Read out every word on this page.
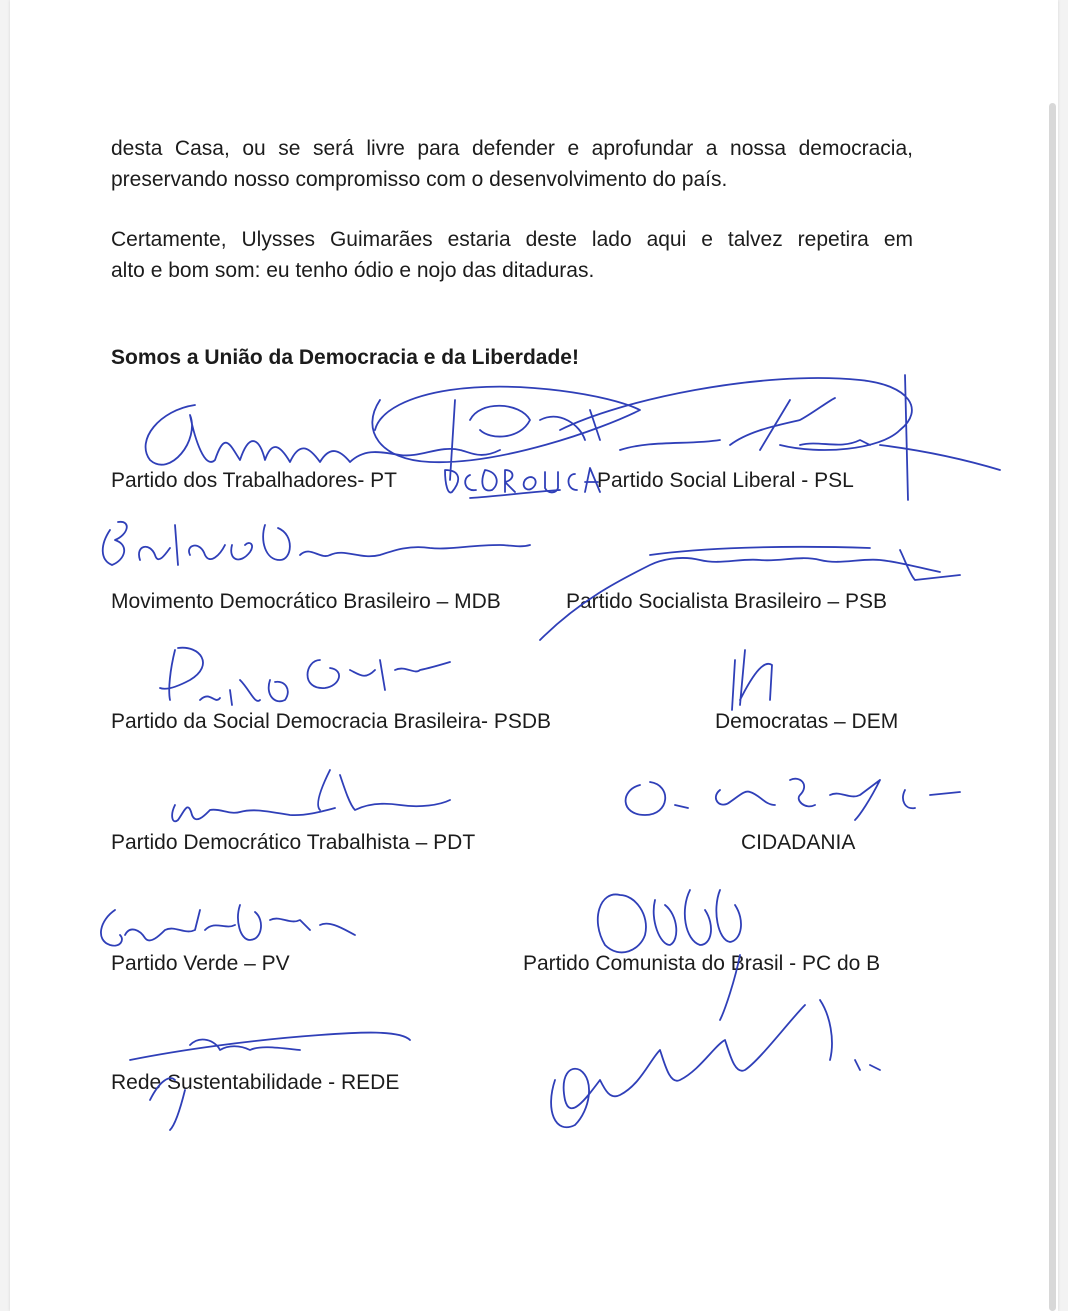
desta Casa, ou se será livre para defender e aprofundar a nossa democracia,
preservando nosso compromisso com o desenvolvimento do país.
Certamente, Ulysses Guimarães estaria deste lado aqui e talvez repetira em
alto e bom som: eu tenho ódio e nojo das ditaduras.

Somos a União da Democracia e da Liberdade!

Partido dos Trabalhadores- PT	Partido Social Liberal - PSL
Movimento Democrático Brasileiro – MDB	Partido Socialista Brasileiro – PSB
Partido da Social Democracia Brasileira- PSDB	Democratas – DEM
Partido Democrático Trabalhista – PDT	CIDADANIA
Partido Verde – PV	Partido Comunista do Brasil - PC do B
Rede Sustentabilidade - REDE
